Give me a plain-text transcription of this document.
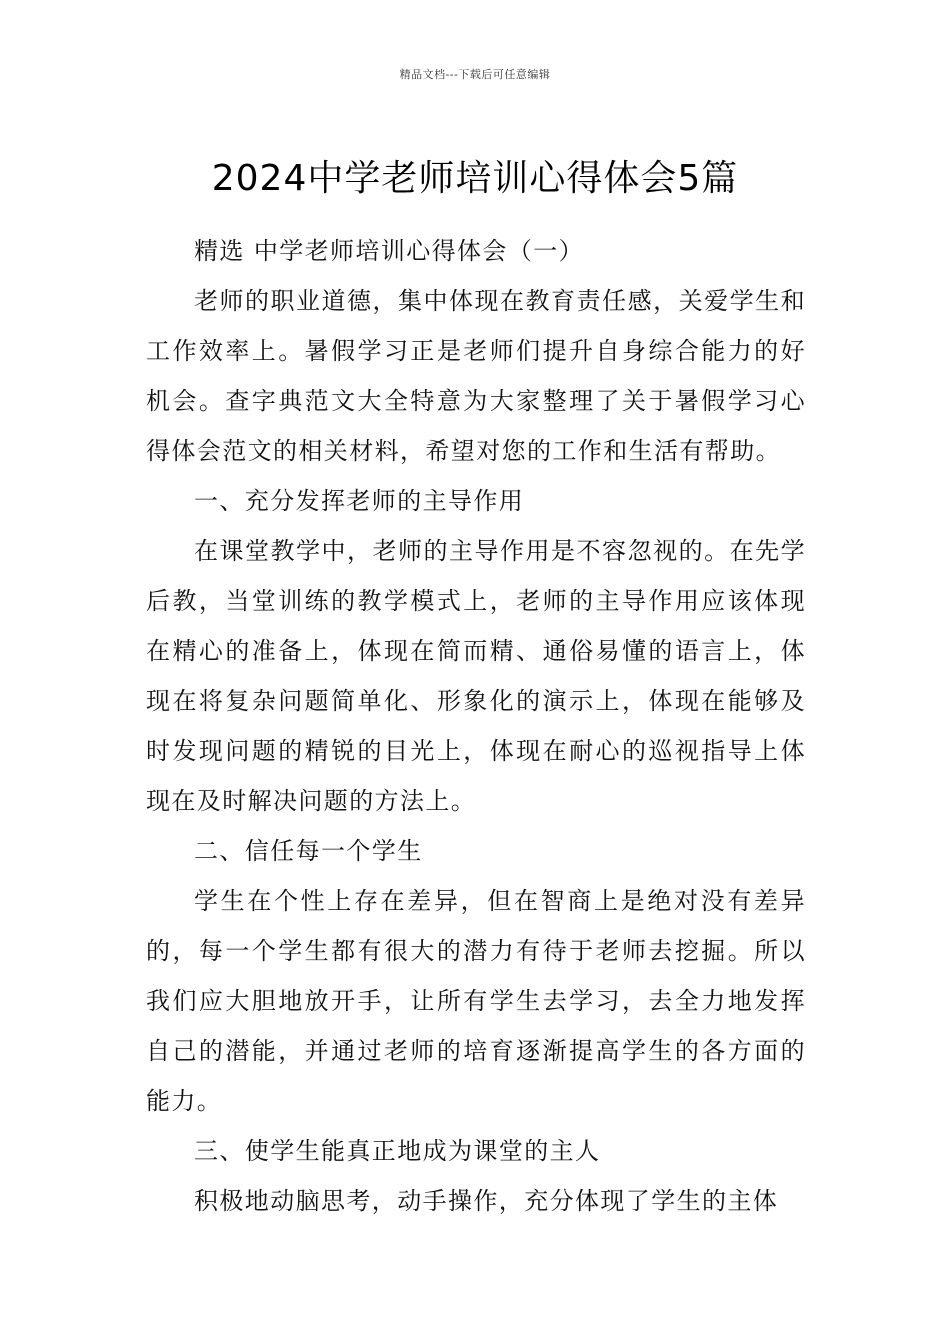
精品文档---下载后可任意编辑
2024中学老师培训心得体会5篇

精选 中学老师培训心得体会（一）

老师的职业道德，集中体现在教育责任感，关爱学生和工作效率上。暑假学习正是老师们提升自身综合能力的好机会。查字典范文大全特意为大家整理了关于暑假学习心得体会范文的相关材料，希望对您的工作和生活有帮助。

一、充分发挥老师的主导作用

在课堂教学中，老师的主导作用是不容忽视的。在先学后教，当堂训练的教学模式上，老师的主导作用应该体现在精心的准备上，体现在简而精、通俗易懂的语言上，体现在将复杂问题简单化、形象化的演示上，体现在能够及时发现问题的精锐的目光上，体现在耐心的巡视指导上体现在及时解决问题的方法上。

二、信任每一个学生

学生在个性上存在差异，但在智商上是绝对没有差异的，每一个学生都有很大的潜力有待于老师去挖掘。所以我们应大胆地放开手，让所有学生去学习，去全力地发挥自己的潜能，并通过老师的培育逐渐提高学生的各方面的能力。

三、使学生能真正地成为课堂的主人

积极地动脑思考，动手操作，充分体现了学生的主体
